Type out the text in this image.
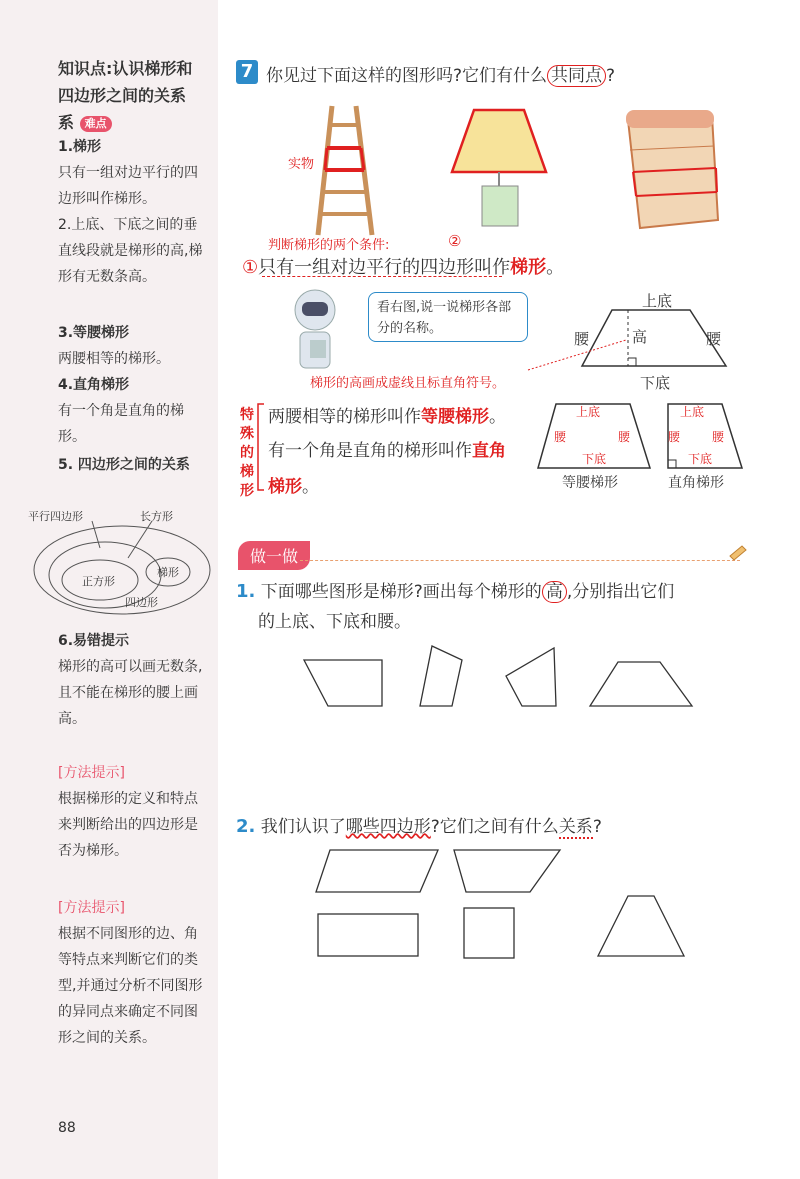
知识点:认识梯形和
四边形之间的关系
系 难点
1.梯形
只有一组对边平行的四边形叫作梯形。
2.上底、下底之间的垂直线段就是梯形的高,梯形有无数条高。
3.等腰梯形
两腰相等的梯形。
4.直角梯形
有一个角是直角的梯形。
5. 四边形之间的关系
平行四边形	长方形
正方形
梯形
四边形
6.易错提示
梯形的高可以画无数条,且不能在梯形的腰上画高。
[方法提示]
根据梯形的定义和特点来判断给出的四边形是否为梯形。
[方法提示]
根据不同图形的边、角等特点来判断它们的类型,并通过分析不同图形的异同点来确定不同图形之间的关系。
88
7 你见过下面这样的图形吗?它们有什么 共同点 ?
实物
判断梯形的两个条件:	②
①只有一组对边平行的四边形叫作梯形。
看右图,说一说梯形各部分的名称。
上底
腰	腰
高
下底
梯形的高画成虚线且标直角符号。
特殊的梯形
两腰相等的梯形叫作等腰梯形。
有一个角是直角的梯形叫作直角
梯形。
上底
腰	腰
下底
等腰梯形
上底
腰	腰
下底
直角梯形
做一做
1. 下面哪些图形是梯形?画出每个梯形的 高 ,分别指出它们
的上底、下底和腰。
2. 我们认识了哪些四边形?它们之间有什么关系?
